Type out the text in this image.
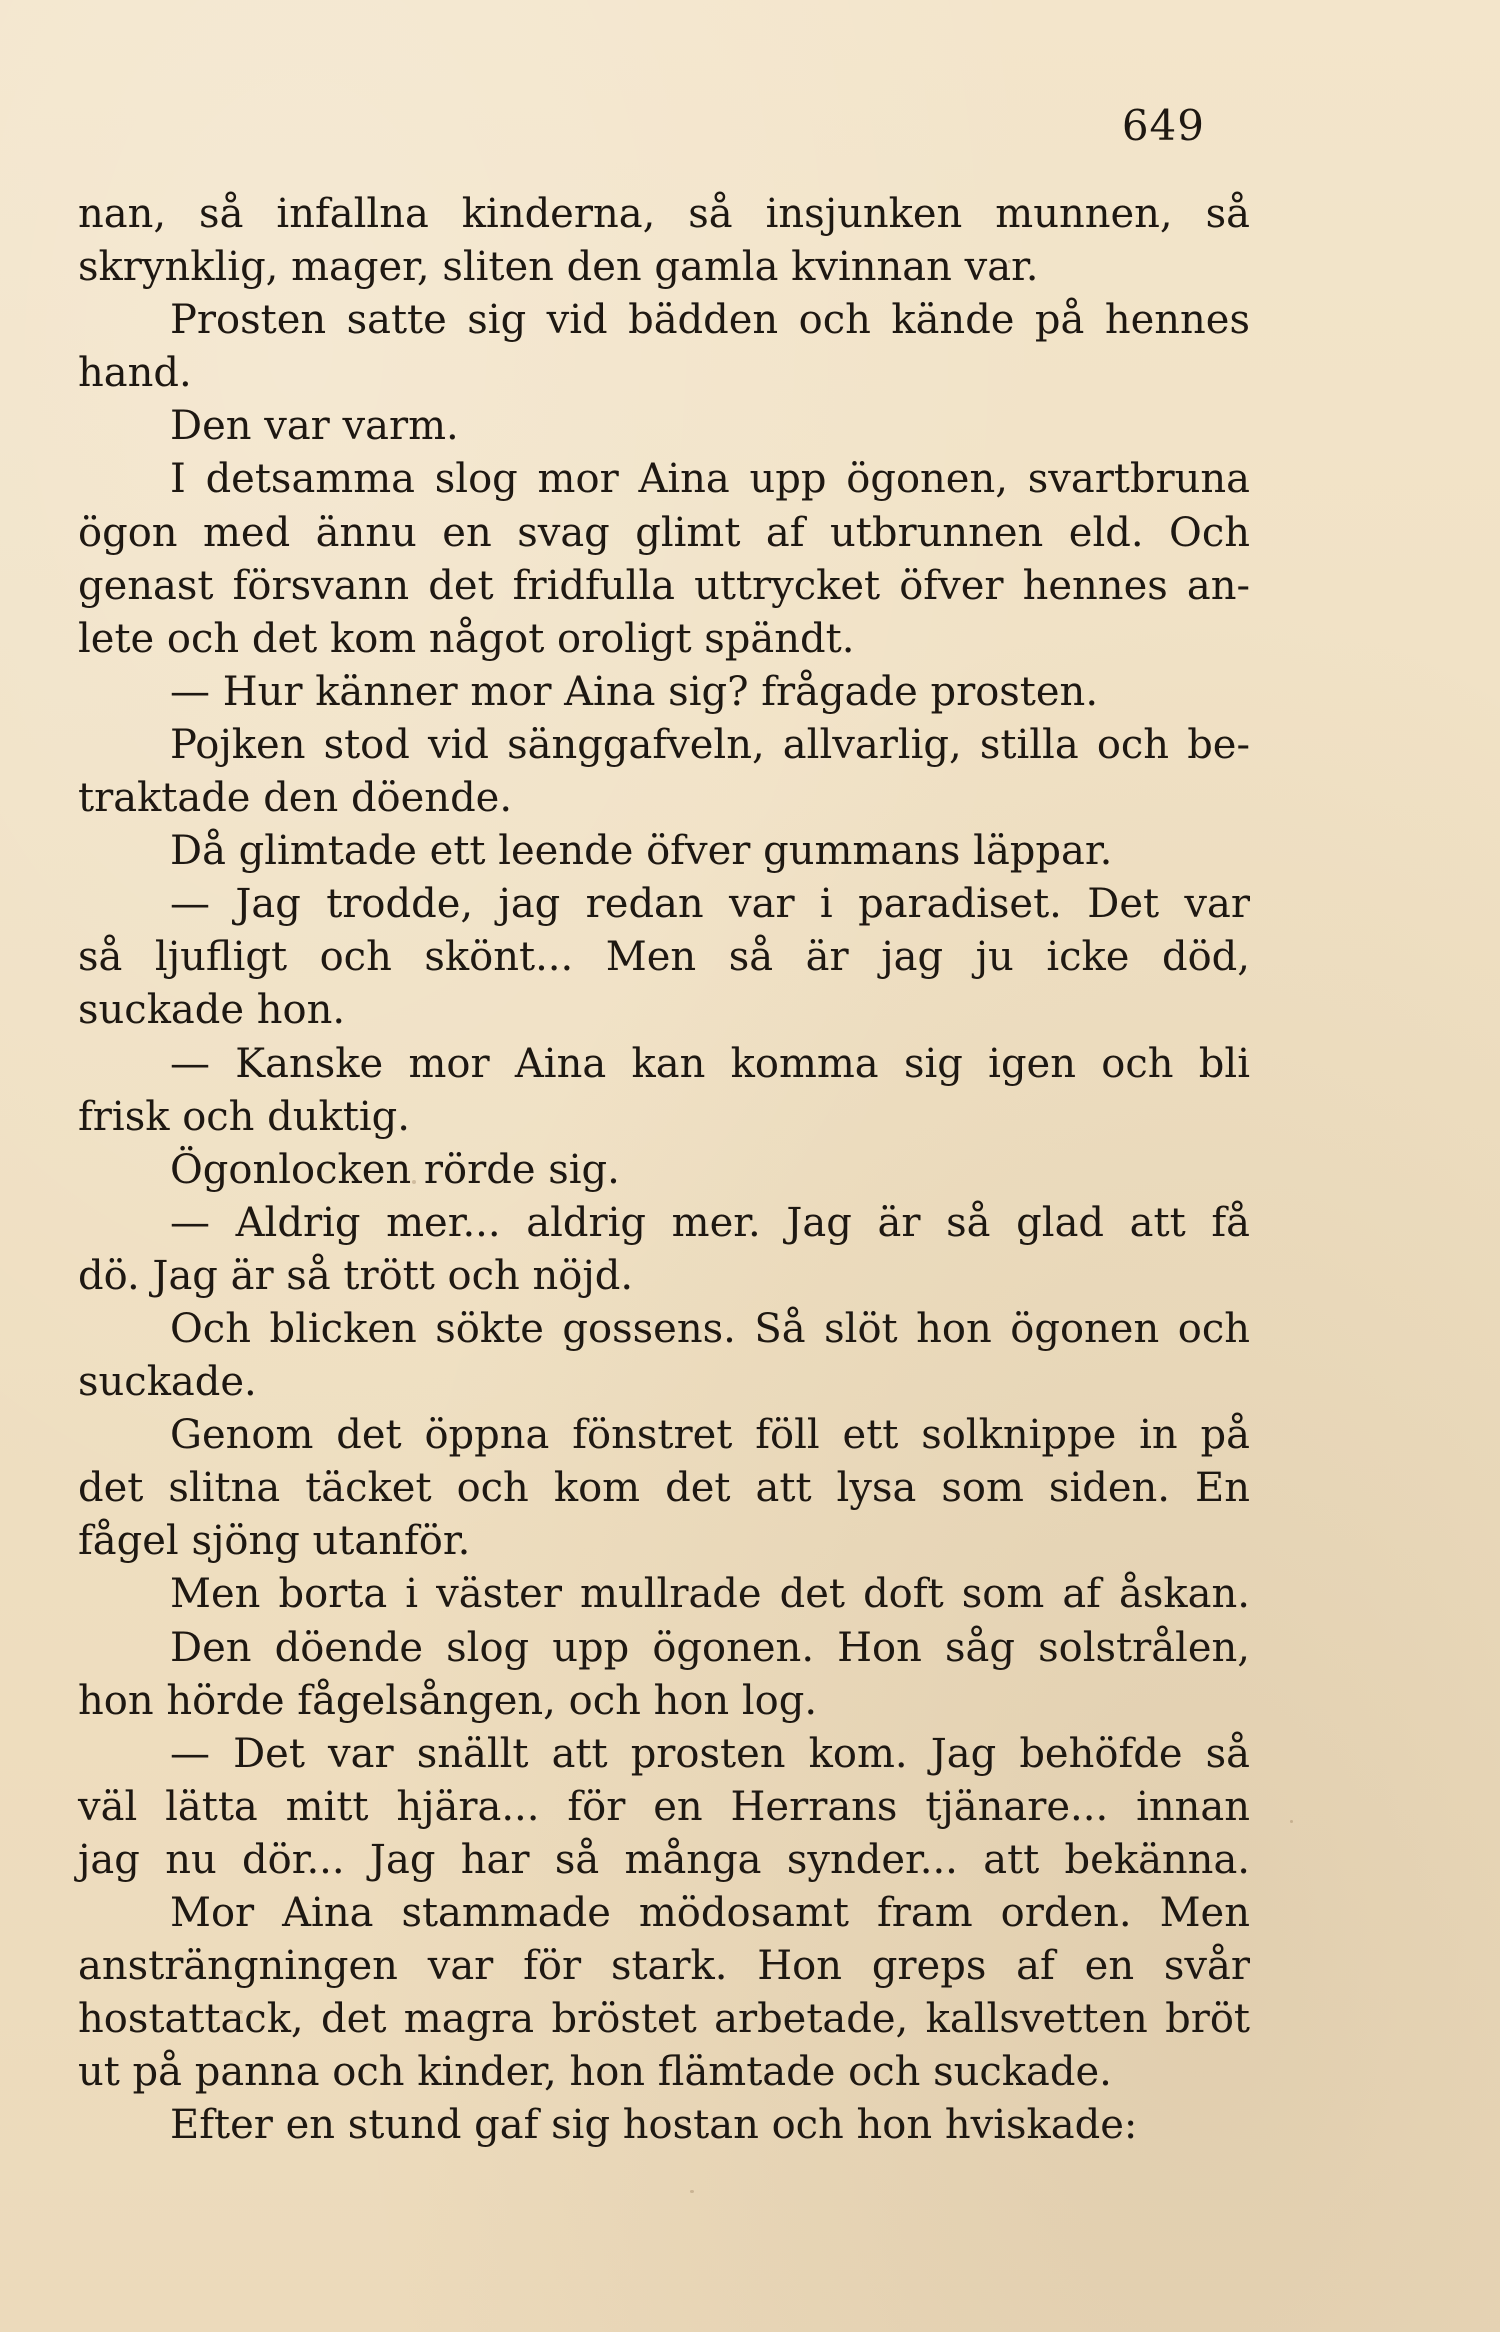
649
nan, så infallna kinderna, så insjunken munnen, så
skrynklig, mager, sliten den gamla kvinnan var.
Prosten satte sig vid bädden och kände på hennes
hand.
Den var varm.
I detsamma slog mor Aina upp ögonen, svartbruna
ögon med ännu en svag glimt af utbrunnen eld. Och
genast försvann det fridfulla uttrycket öfver hennes an-
lete och det kom något oroligt spändt.
— Hur känner mor Aina sig? frågade prosten.
Pojken stod vid sänggafveln, allvarlig, stilla och be-
traktade den döende.
Då glimtade ett leende öfver gummans läppar.
— Jag trodde, jag redan var i paradiset. Det var
så ljufligt och skönt... Men så är jag ju icke död,
suckade hon.
— Kanske mor Aina kan komma sig igen och bli
frisk och duktig.
Ögonlocken rörde sig.
— Aldrig mer... aldrig mer. Jag är så glad att få
dö. Jag är så trött och nöjd.
Och blicken sökte gossens. Så slöt hon ögonen och
suckade.
Genom det öppna fönstret föll ett solknippe in på
det slitna täcket och kom det att lysa som siden. En
fågel sjöng utanför.
Men borta i väster mullrade det doft som af åskan.
Den döende slog upp ögonen. Hon såg solstrålen,
hon hörde fågelsången, och hon log.
— Det var snällt att prosten kom. Jag behöfde så
väl lätta mitt hjära... för en Herrans tjänare... innan
jag nu dör... Jag har så många synder... att bekänna.
Mor Aina stammade mödosamt fram orden. Men
ansträngningen var för stark. Hon greps af en svår
hostattack, det magra bröstet arbetade, kallsvetten bröt
ut på panna och kinder, hon flämtade och suckade.
Efter en stund gaf sig hostan och hon hviskade:
